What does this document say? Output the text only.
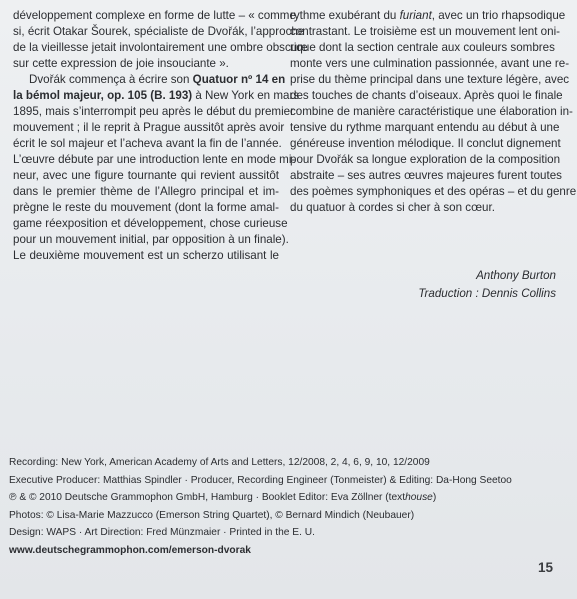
développement complexe en forme de lutte – « comme
si, écrit Otakar Šourek, spécialiste de Dvořák, l’approche
de la vieillesse jetait involontairement une ombre obscure
sur cette expression de joie insouciante ».
Dvořák commença à écrire son Quatuor nº 14 en
la bémol majeur, op. 105 (B. 193) à New York en mars
1895, mais s’interrompit peu après le début du premier
mouvement ; il le reprit à Prague aussitôt après avoir
écrit le sol majeur et l’acheva avant la fin de l’année.
L’œuvre débute par une introduction lente en mode mi-
neur, avec une figure tournante qui revient aussitôt
dans le premier thème de l’Allegro principal et im-
prègne le reste du mouvement (dont la forme amal-
game réexposition et développement, chose curieuse
pour un mouvement initial, par opposition à un finale).
Le deuxième mouvement est un scherzo utilisant le
rythme exubérant du furiant, avec un trio rhapsodique
contrastant. Le troisième est un mouvement lent oni-
rique dont la section centrale aux couleurs sombres
monte vers une culmination passionnée, avant une re-
prise du thème principal dans une texture légère, avec
des touches de chants d’oiseaux. Après quoi le finale
combine de manière caractéristique une élaboration in-
tensive du rythme marquant entendu au début à une
généreuse invention mélodique. Il conclut dignement
pour Dvořák sa longue exploration de la composition
abstraite – ses autres œuvres majeures furent toutes
des poèmes symphoniques et des opéras – et du genre
du quatuor à cordes si cher à son cœur.
Anthony Burton
Traduction : Dennis Collins
Recording: New York, American Academy of Arts and Letters, 12/2008, 2, 4, 6, 9, 10, 12/2009
Executive Producer: Matthias Spindler · Producer, Recording Engineer (Tonmeister) & Editing: Da-Hong Seetoo
℗ & © 2010 Deutsche Grammophon GmbH, Hamburg · Booklet Editor: Eva Zöllner (texthouse)
Photos: © Lisa-Marie Mazzucco (Emerson String Quartet), © Bernard Mindich (Neubauer)
Design: WAPS · Art Direction: Fred Münzmaier · Printed in the E. U.
www.deutschegrammophon.com/emerson-dvorak
15
